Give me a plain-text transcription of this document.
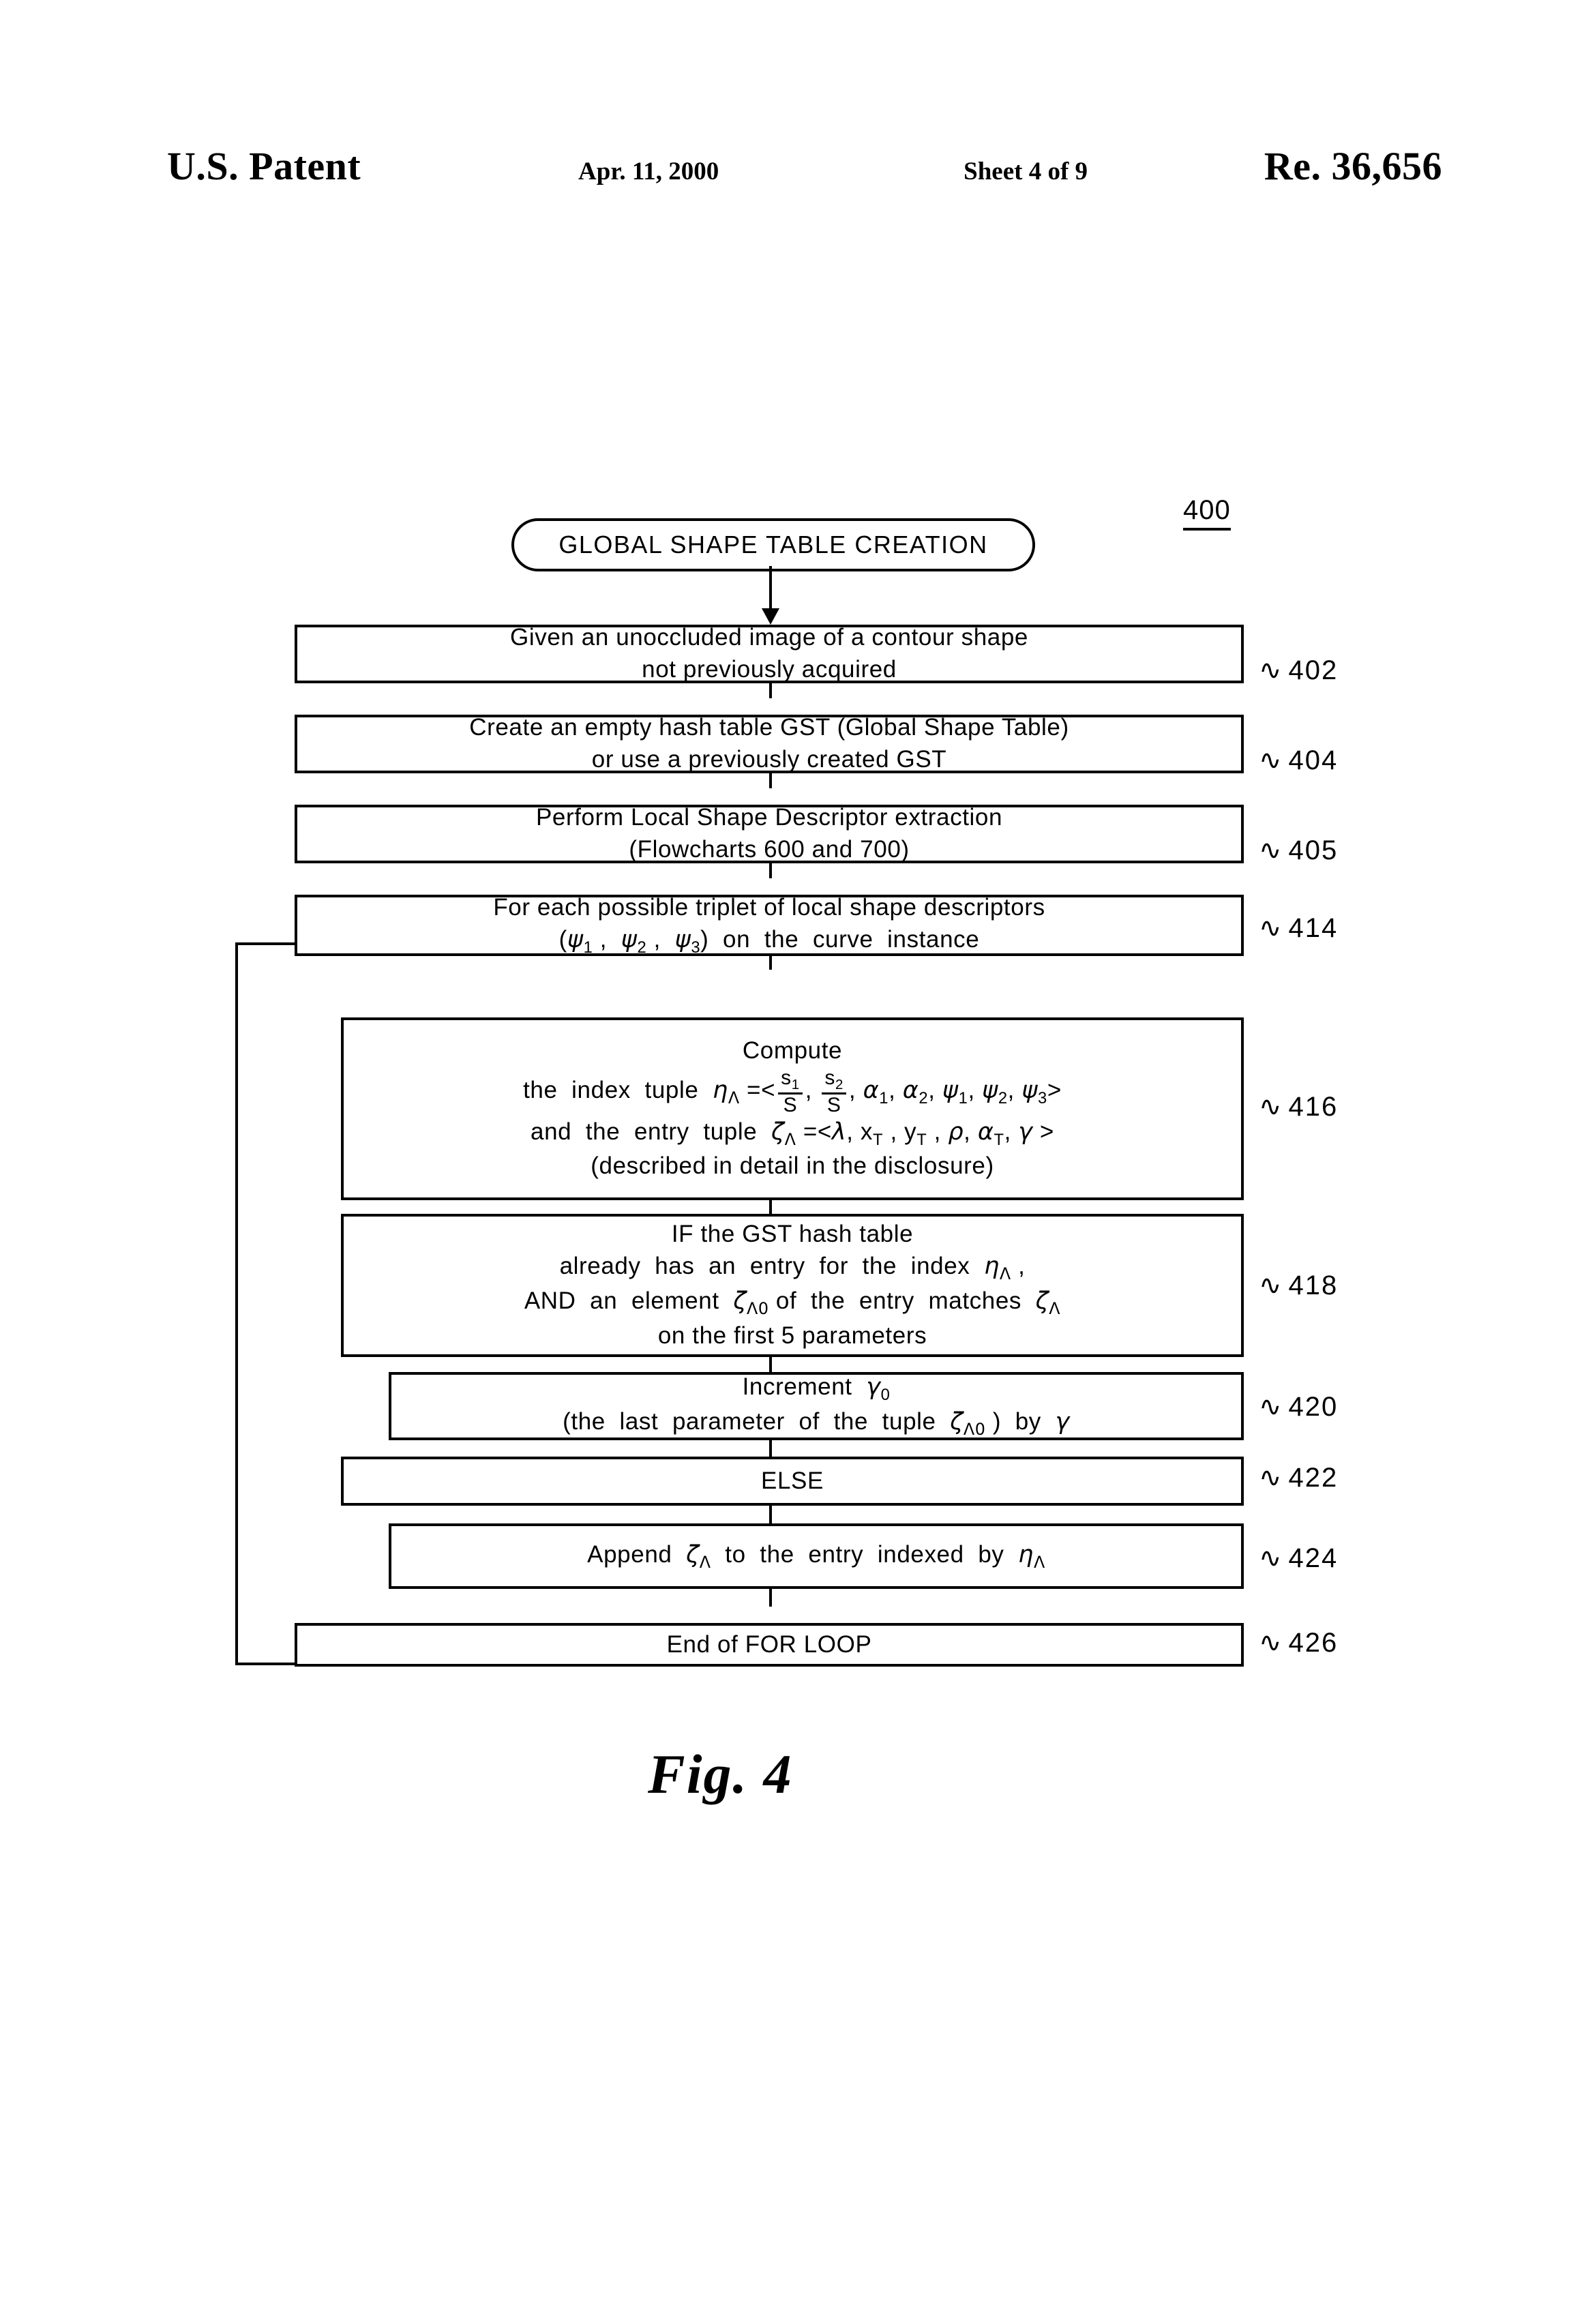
U.S. Patent	Apr. 11, 2000	Sheet 4 of 9	Re. 36,656
400
GLOBAL SHAPE TABLE CREATION
Given an unoccluded image of a contour shape
not previously acquired	∿ 402
Create an empty hash table GST (Global Shape Table)
or use a previously created GST	∿ 404
Perform Local Shape Descriptor extraction
(Flowcharts 600 and 700)	∿ 405
For each possible triplet of local shape descriptors
($\psi_1$ ,  $\psi_2$ ,  $\psi_3$)  on  the  curve  instance	∿ 414
Compute
the  index  tuple  $\eta_\Lambda =< \frac{s_1}{S}$ , $\frac{s_2}{S}$ , $\alpha_1$, $\alpha_2$, $\psi_1$, $\psi_2$, $\psi_3>$
and  the  entry  tuple  $\zeta_\Lambda =<\lambda$, $x_T$ , $y_T$ , ρ, $\alpha_T$, γ >
(described in detail in the disclosure)
∿ 416
IF the GST hash table
already  has  an  entry  for  the  index  $\eta_\Lambda$ ,
AND  an  element  $\zeta_{\Lambda 0}$ of  the  entry  matches  $\zeta_\Lambda$
on the first 5 parameters
∿ 418
Increment  $\gamma_0$
(the  last  parameter  of  the  tuple  $\zeta_{\Lambda 0}$ )  by  γ	∿ 420
ELSE	∿ 422
Append  $\zeta_\Lambda$  to  the  entry  indexed  by  $\eta_\Lambda$	∿ 424
End of FOR LOOP	∿ 426
Fig. 4
